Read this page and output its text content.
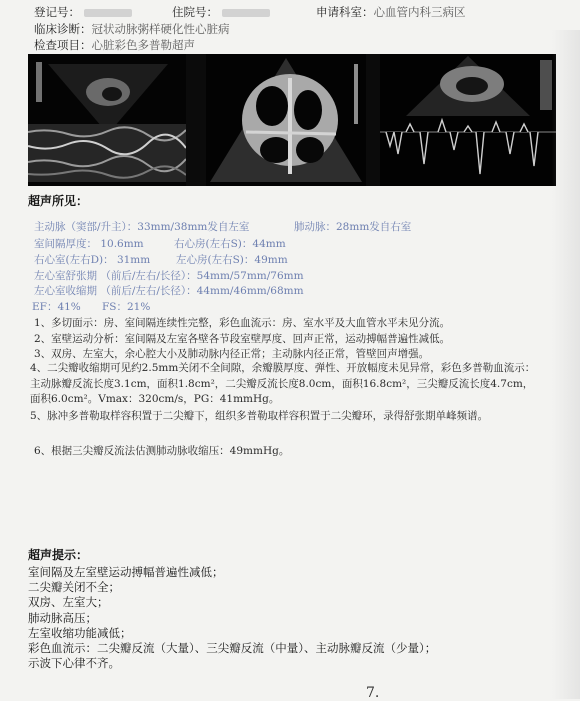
登记号：	住院号：	申请科室：心血管内科三病区
临床诊断：冠状动脉粥样硬化性心脏病
检查项目：心脏彩色多普勒超声
超声所见：
主动脉（窦部/升主）：33mm/38mm发自左室	肺动脉：28mm发自右室
室间隔厚度： 10.6mm	右心房(左右S)：44mm
右心室(左右D)： 31mm 左心房(左右S)：49mm
左心室舒张期 （前后/左右/长径）：54mm/57mm/76mm
左心室收缩期 （前后/左右/长径）：44mm/46mm/68mm
EF：41% FS：21%
1、多切面示：房、室间隔连续性完整，彩色血流示：房、室水平及大血管水平未见分流。
2、室壁运动分析：室间隔及左室各壁各节段室壁厚度、回声正常，运动搏幅普遍性减低。
3、双房、左室大，余心腔大小及肺动脉内径正常；主动脉内径正常，管壁回声增强。
4、二尖瓣收缩期可见约2.5mm关闭不全间隙，余瓣膜厚度、弹性、开放幅度未见异常，彩色多普勒血流示：主动脉瓣反流长度3.1cm，面积1.8cm²，二尖瓣反流长度8.0cm，面积16.8cm²，三尖瓣反流长度4.7cm，面积6.0cm²。Vmax：320cm/s，PG：41mmHg。
5、脉冲多普勒取样容积置于二尖瓣下，组织多普勒取样容积置于二尖瓣环，录得舒张期单峰频谱。
6、根据三尖瓣反流法估测肺动脉收缩压：49mmHg。
超声提示：
室间隔及左室壁运动搏幅普遍性减低；
二尖瓣关闭不全；
双房、左室大；
肺动脉高压；
左室收缩功能减低；
彩色血流示：二尖瓣反流（大量）、三尖瓣反流（中量）、主动脉瓣反流（少量）；
示波下心律不齐。
7.
